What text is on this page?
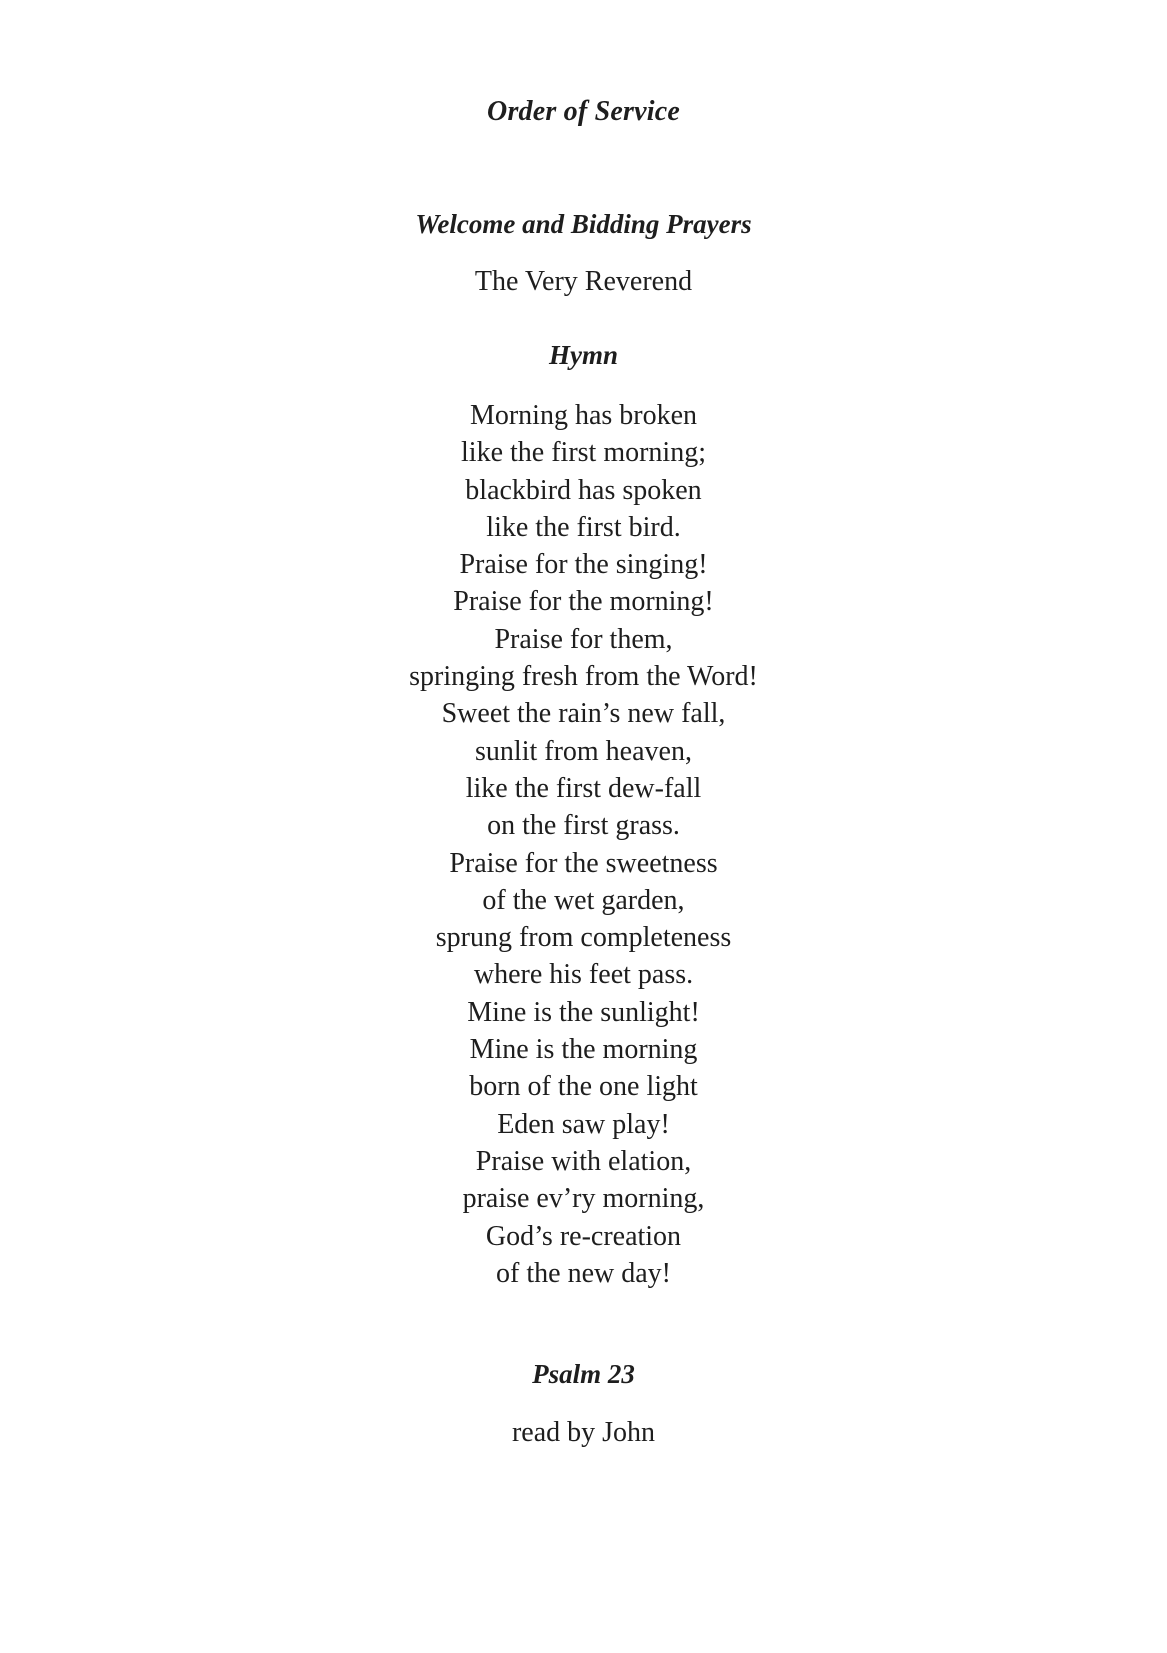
Order of Service
Welcome and Bidding Prayers
The Very Reverend
Hymn
Morning has broken
like the first morning;
blackbird has spoken
like the first bird.
Praise for the singing!
Praise for the morning!
Praise for them,
springing fresh from the Word!
Sweet the rain’s new fall,
sunlit from heaven,
like the first dew-fall
on the first grass.
Praise for the sweetness
of the wet garden,
sprung from completeness
where his feet pass.
Mine is the sunlight!
Mine is the morning
born of the one light
Eden saw play!
Praise with elation,
praise ev’ry morning,
God’s re-creation
of the new day!
Psalm 23
read by John
